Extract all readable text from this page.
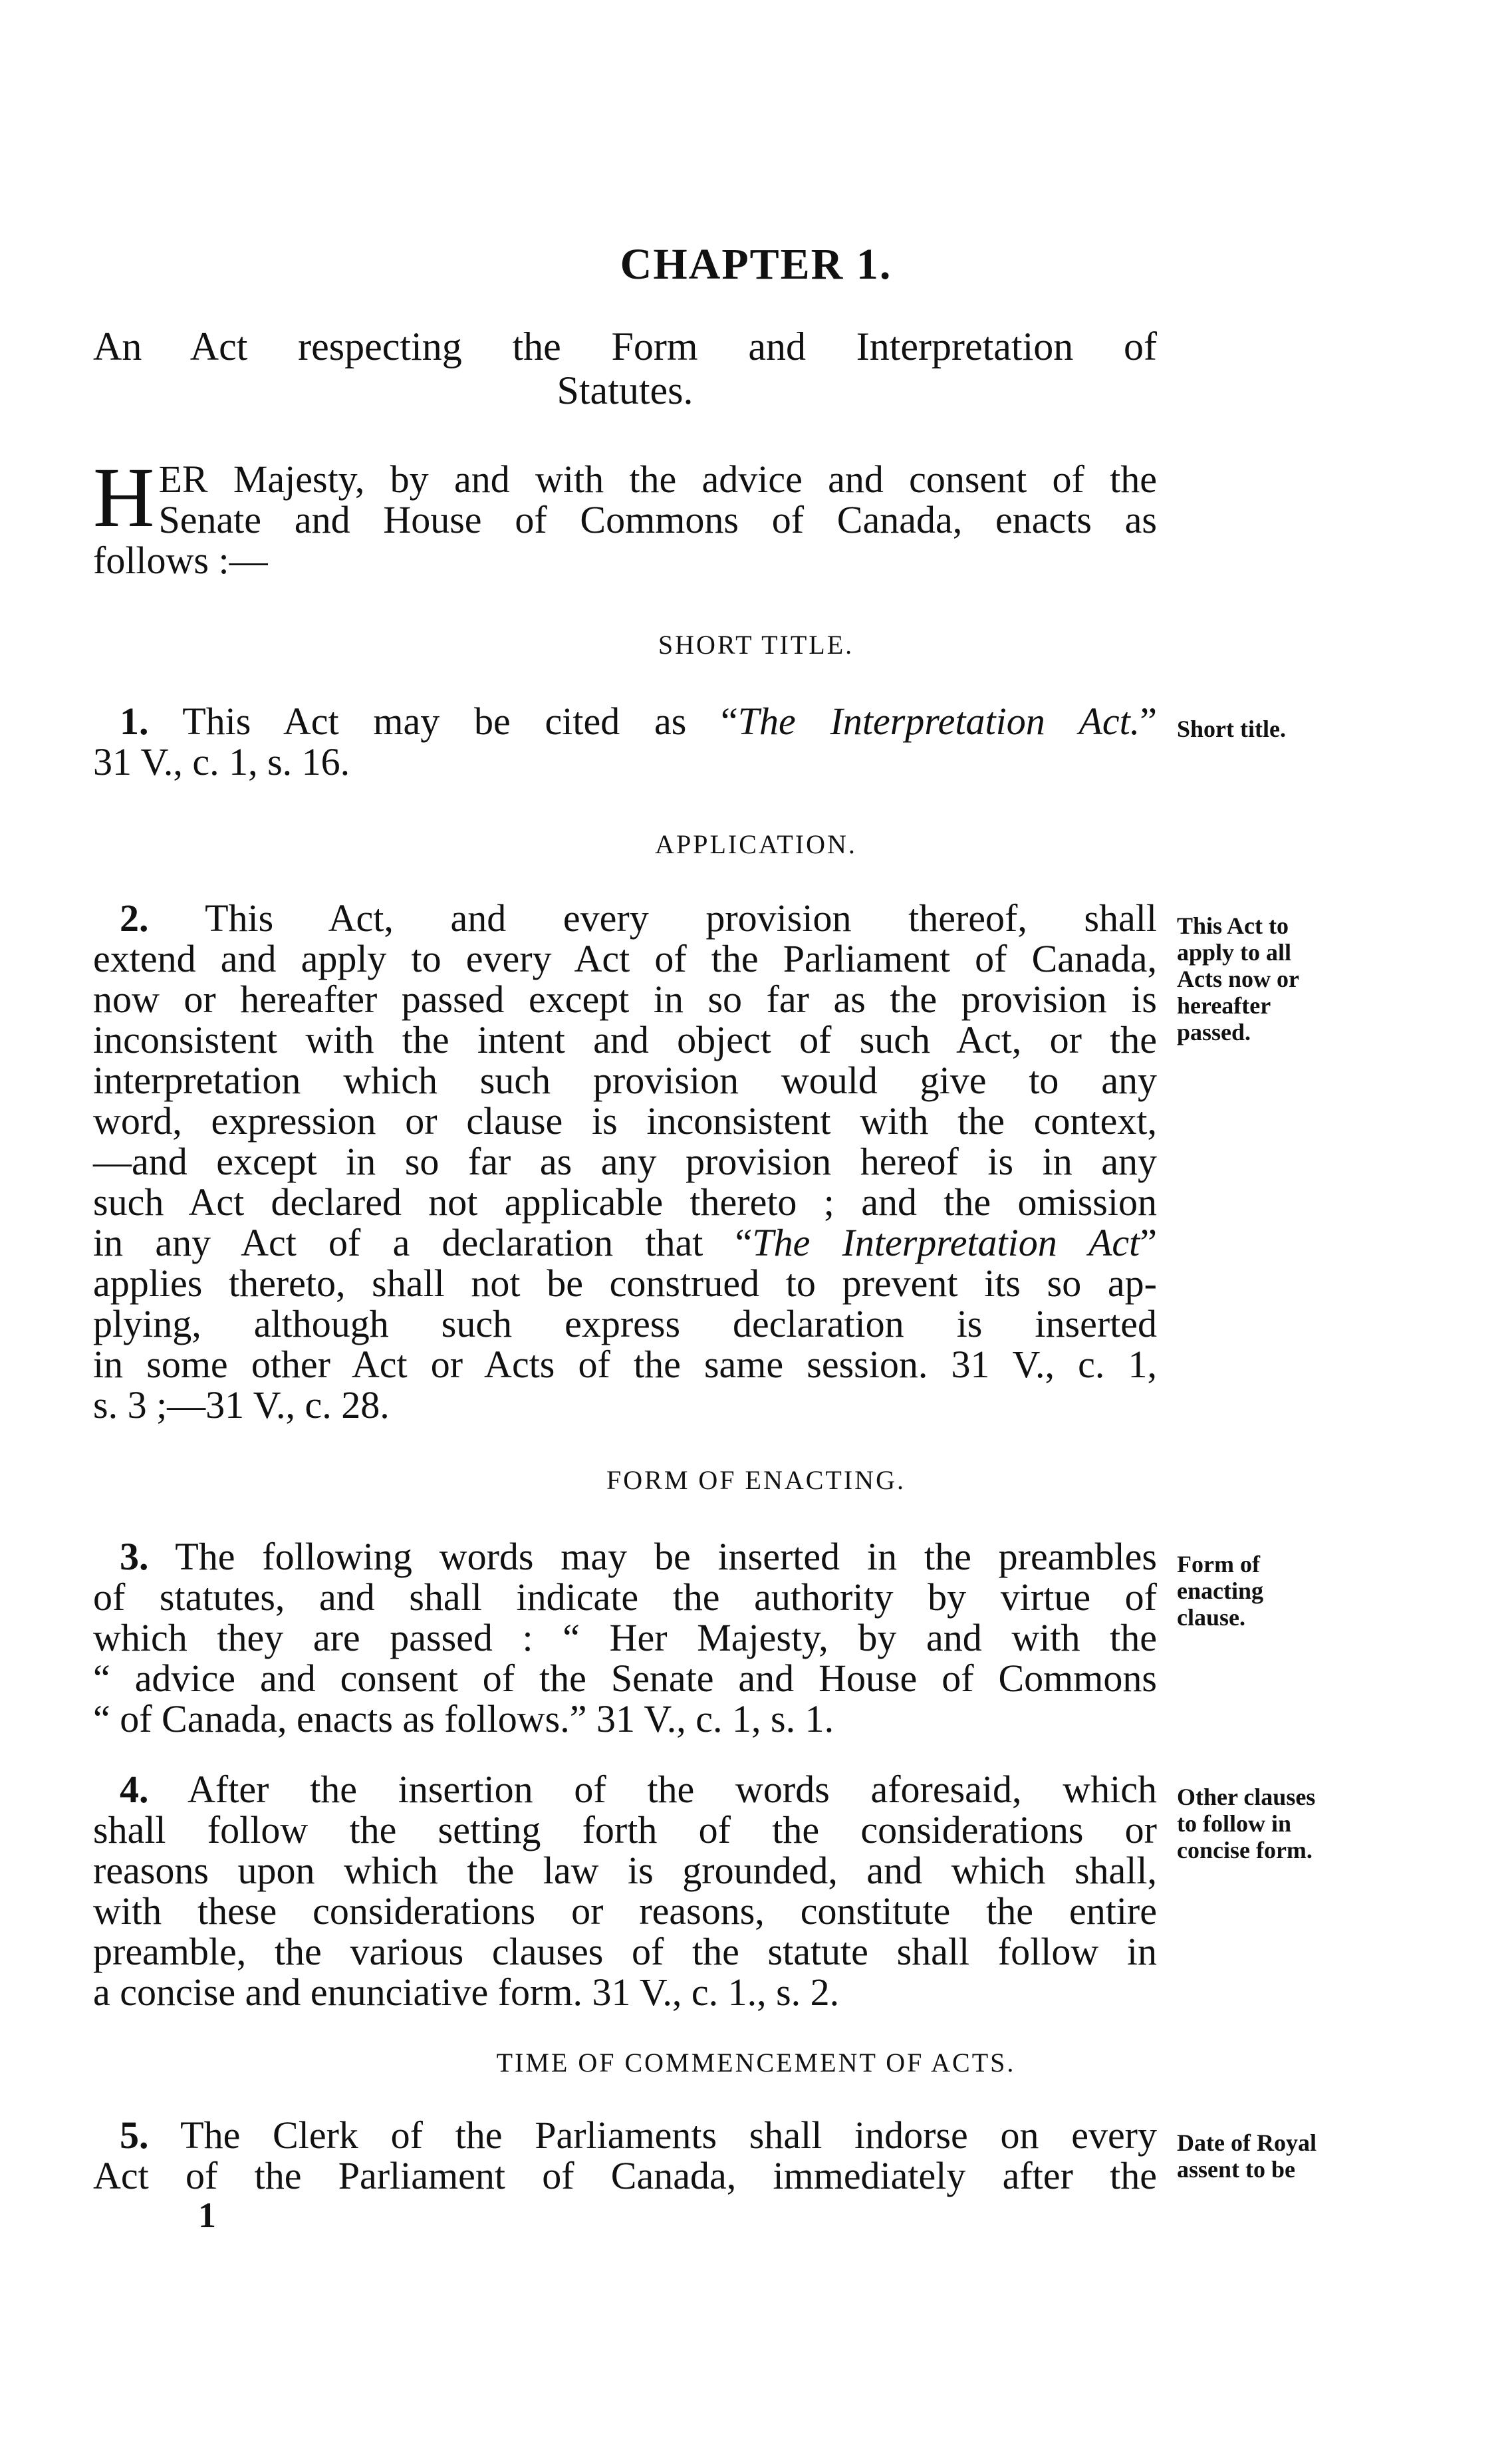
CHAPTER 1.
An Act respecting the Form and Interpretation of
Statutes.
H ER Majesty, by and with the advice and consent of the
Senate and House of Commons of Canada, enacts as
follows :—
SHORT TITLE.
1. This Act may be cited as “The Interpretation Act.”
31 V., c. 1, s. 16.
Short title.
APPLICATION.
2. This Act, and every provision thereof, shall
extend and apply to every Act of the Parliament of Canada,
now or hereafter passed except in so far as the provision is
inconsistent with the intent and object of such Act, or the
interpretation which such provision would give to any
word, expression or clause is inconsistent with the context,
—and except in so far as any provision hereof is in any
such Act declared not applicable thereto ; and the omission
in any Act of a declaration that “The Interpretation Act”
applies thereto, shall not be construed to prevent its so ap-
plying, although such express declaration is inserted
in some other Act or Acts of the same session. 31 V., c. 1,
s. 3 ;—31 V., c. 28.
This Act to
apply to all
Acts now or
hereafter
passed.
FORM OF ENACTING.
3. The following words may be inserted in the preambles
of statutes, and shall indicate the authority by virtue of
which they are passed : “ Her Majesty, by and with the
“ advice and consent of the Senate and House of Commons
“ of Canada, enacts as follows.” 31 V., c. 1, s. 1.
Form of
enacting
clause.
4. After the insertion of the words aforesaid, which
shall follow the setting forth of the considerations or
reasons upon which the law is grounded, and which shall,
with these considerations or reasons, constitute the entire
preamble, the various clauses of the statute shall follow in
a concise and enunciative form. 31 V., c. 1., s. 2.
Other clauses
to follow in
concise form.
TIME OF COMMENCEMENT OF ACTS.
5. The Clerk of the Parliaments shall indorse on every
Act of the Parliament of Canada, immediately after the
Date of Royal
assent to be
1
